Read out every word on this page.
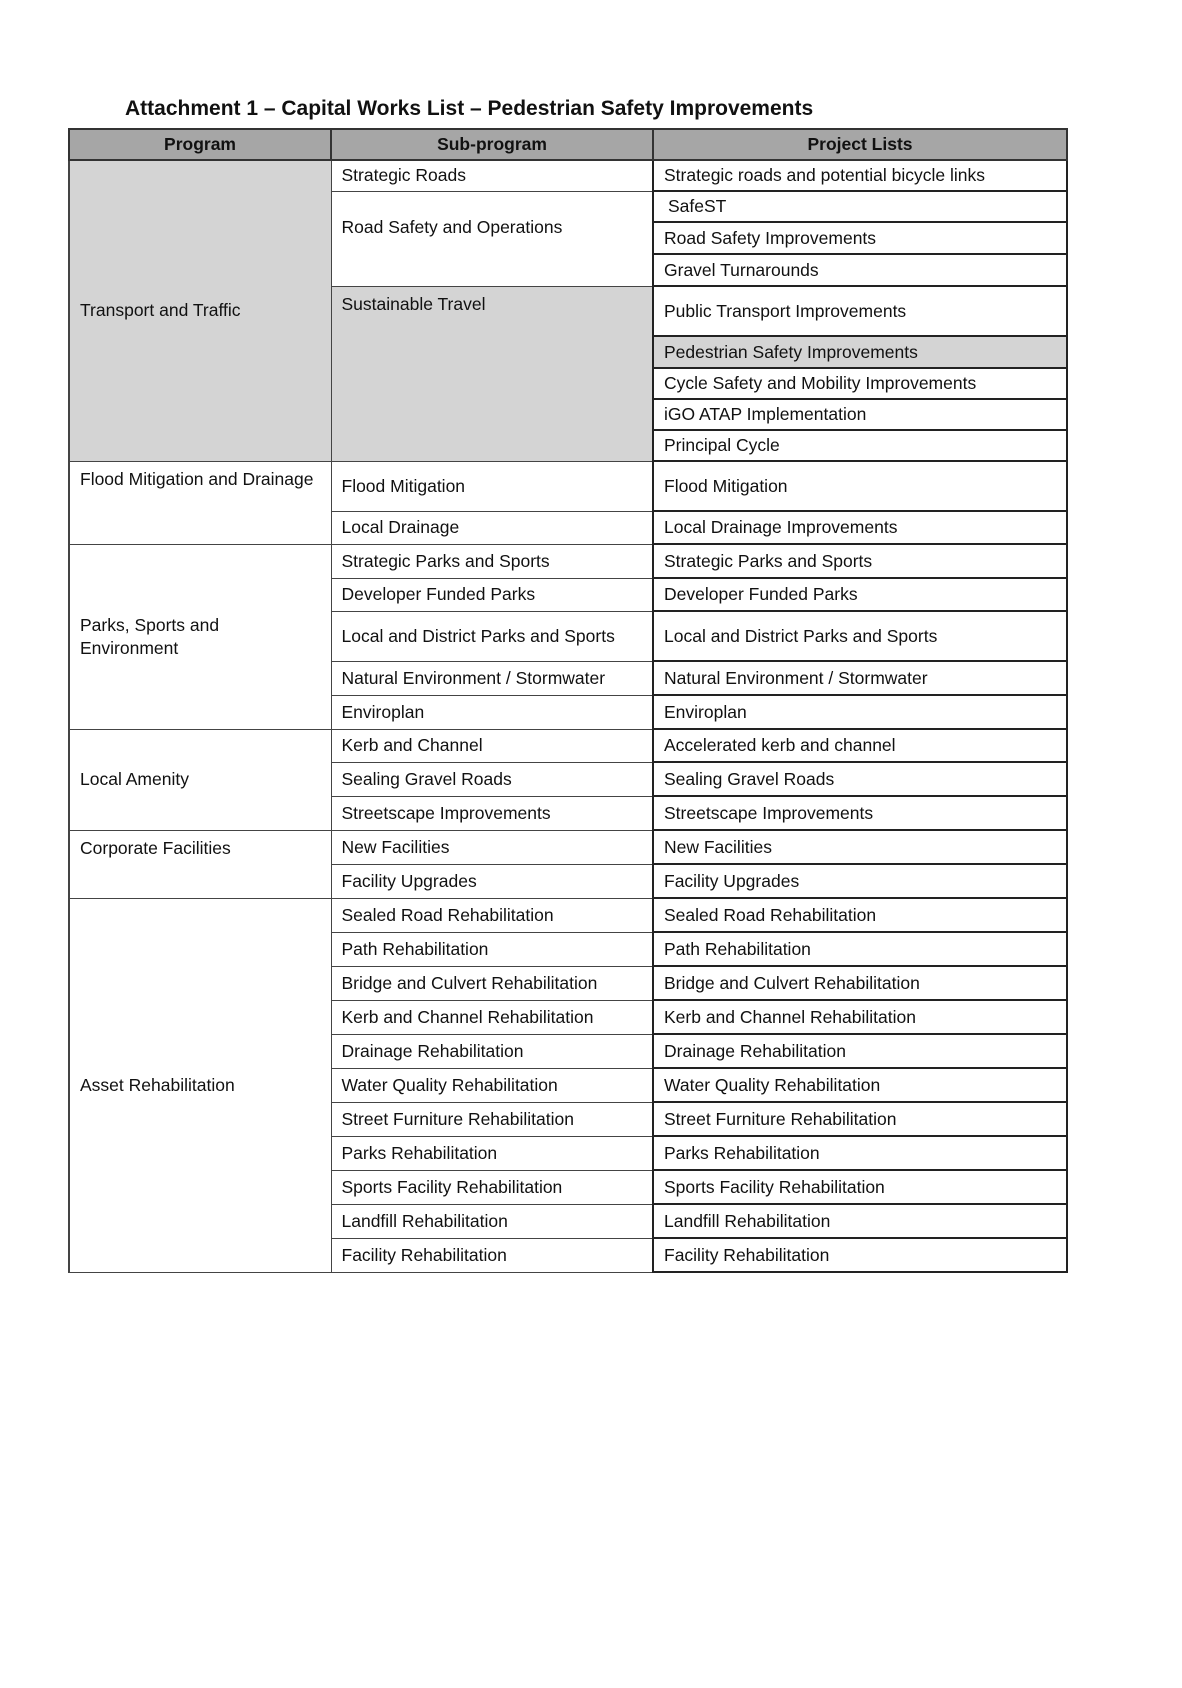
Attachment 1 – Capital Works List – Pedestrian Safety Improvements
Program	Sub-program	Project Lists
Transport and Traffic	Strategic Roads	Strategic roads and potential bicycle links
	Road Safety and Operations	SafeST
		Road Safety Improvements
		Gravel Turnarounds
	Sustainable Travel	Public Transport Improvements
		Pedestrian Safety Improvements
		Cycle Safety and Mobility Improvements
		iGO ATAP Implementation
		Principal Cycle
Flood Mitigation and Drainage	Flood Mitigation	Flood Mitigation
	Local Drainage	Local Drainage Improvements
Parks, Sports and Environment	Strategic Parks and Sports	Strategic Parks and Sports
	Developer Funded Parks	Developer Funded Parks
	Local and District Parks and Sports	Local and District Parks and Sports
	Natural Environment / Stormwater	Natural Environment / Stormwater
	Enviroplan	Enviroplan
Local Amenity	Kerb and Channel	Accelerated kerb and channel
	Sealing Gravel Roads	Sealing Gravel Roads
	Streetscape Improvements	Streetscape Improvements
Corporate Facilities	New Facilities	New Facilities
	Facility Upgrades	Facility Upgrades
Asset Rehabilitation	Sealed Road Rehabilitation	Sealed Road Rehabilitation
	Path Rehabilitation	Path Rehabilitation
	Bridge and Culvert Rehabilitation	Bridge and Culvert Rehabilitation
	Kerb and Channel Rehabilitation	Kerb and Channel Rehabilitation
	Drainage Rehabilitation	Drainage Rehabilitation
	Water Quality Rehabilitation	Water Quality Rehabilitation
	Street Furniture Rehabilitation	Street Furniture Rehabilitation
	Parks Rehabilitation	Parks Rehabilitation
	Sports Facility Rehabilitation	Sports Facility Rehabilitation
	Landfill Rehabilitation	Landfill Rehabilitation
	Facility Rehabilitation	Facility Rehabilitation
